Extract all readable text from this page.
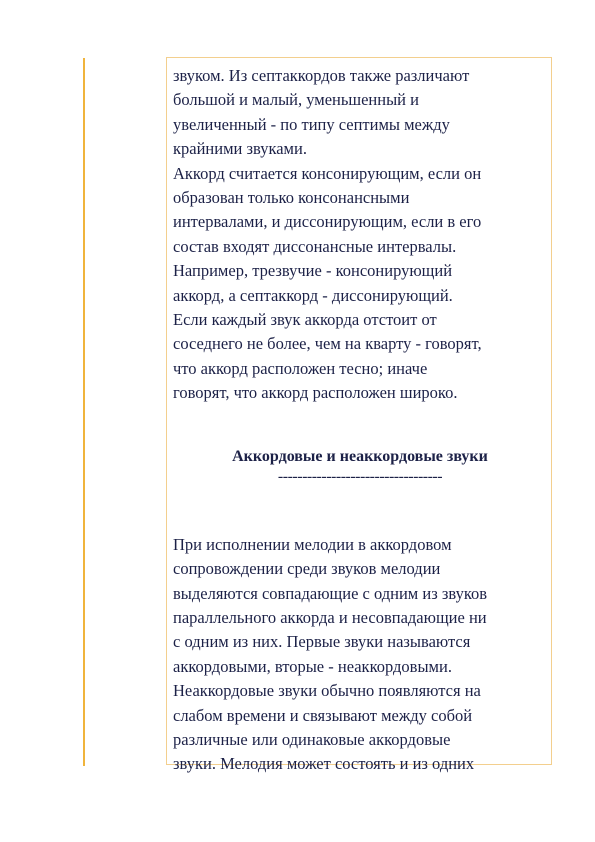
звуком. Из септаккордов также различают
большой и малый, уменьшенный и
увеличенный - по типу септимы между
крайними звуками.
Аккорд считается консонирующим, если он
образован только консонансными
интервалами, и диссонирующим, если в его
состав входят диссонансные интервалы.
Например, трезвучие - консонирующий
аккорд, а септаккорд - диссонирующий.
Если каждый звук аккорда отстоит от
соседнего не более, чем на кварту - говорят,
что аккорд расположен тесно; иначе
говорят, что аккорд расположен широко.

Аккордовые и неаккордовые звуки
----------------------------------

При исполнении мелодии в аккордовом
сопровождении среди звуков мелодии
выделяются совпадающие с одним из звуков
параллельного аккорда и несовпадающие ни
с одним из них. Первые звуки называются
аккордовыми, вторые - неаккордовыми.
Неаккордовые звуки обычно появляются на
слабом времени и связывают между собой
различные или одинаковые аккордовые
звуки. Мелодия может состоять и из одних
